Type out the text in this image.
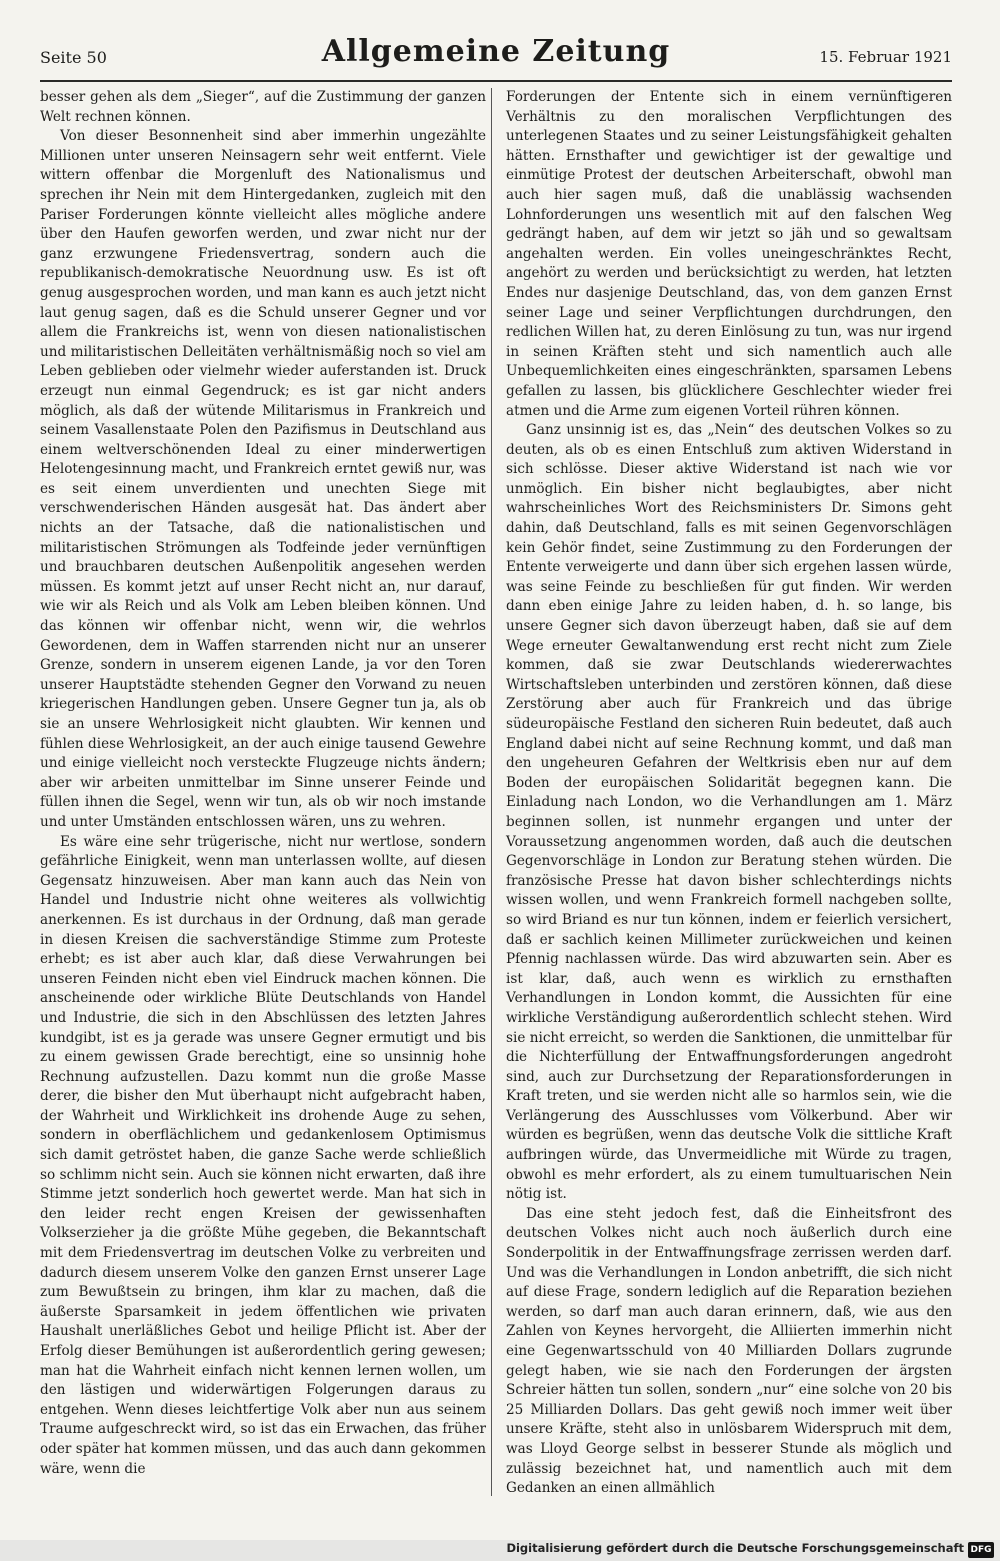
Seite 50	Allgemeine Zeitung	15. Februar 1921

besser gehen als dem „Sieger“, auf die Zustimmung der ganzen Welt rechnen können.

Von dieser Besonnenheit sind aber immerhin ungezählte Millionen unter unseren Neinsagern sehr weit entfernt. Viele wittern offenbar die Morgenluft des Nationalismus und sprechen ihr Nein mit dem Hintergedanken, zugleich mit den Pariser Forderungen könnte vielleicht alles mögliche andere über den Haufen geworfen werden, und zwar nicht nur der ganz erzwungene Friedensvertrag, sondern auch die republikanisch-demokratische Neuordnung usw. Es ist oft genug ausgesprochen worden, und man kann es auch jetzt nicht laut genug sagen, daß es die Schuld unserer Gegner und vor allem die Frankreichs ist, wenn von diesen nationalistischen und militaristischen Delleitäten verhältnismäßig noch so viel am Leben geblieben oder vielmehr wieder auferstanden ist. Druck erzeugt nun einmal Gegendruck; es ist gar nicht anders möglich, als daß der wütende Militarismus in Frankreich und seinem Vasallenstaate Polen den Pazifismus in Deutschland aus einem weltverschönenden Ideal zu einer minderwertigen Helotengesinnung macht, und Frankreich erntet gewiß nur, was es seit einem unverdienten und unechten Siege mit verschwenderischen Händen ausgesät hat. Das ändert aber nichts an der Tatsache, daß die nationalistischen und militaristischen Strömungen als Todfeinde jeder vernünftigen und brauchbaren deutschen Außenpolitik angesehen werden müssen. Es kommt jetzt auf unser Recht nicht an, nur darauf, wie wir als Reich und als Volk am Leben bleiben können. Und das können wir offenbar nicht, wenn wir, die wehrlos Gewordenen, dem in Waffen starrenden nicht nur an unserer Grenze, sondern in unserem eigenen Lande, ja vor den Toren unserer Hauptstädte stehenden Gegner den Vorwand zu neuen kriegerischen Handlungen geben. Unsere Gegner tun ja, als ob sie an unsere Wehrlosigkeit nicht glaubten. Wir kennen und fühlen diese Wehrlosigkeit, an der auch einige tausend Gewehre und einige vielleicht noch versteckte Flugzeuge nichts ändern; aber wir arbeiten unmittelbar im Sinne unserer Feinde und füllen ihnen die Segel, wenn wir tun, als ob wir noch imstande und unter Umständen entschlossen wären, uns zu wehren.

Es wäre eine sehr trügerische, nicht nur wertlose, sondern gefährliche Einigkeit, wenn man unterlassen wollte, auf diesen Gegensatz hinzuweisen. Aber man kann auch das Nein von Handel und Industrie nicht ohne weiteres als vollwichtig anerkennen. Es ist durchaus in der Ordnung, daß man gerade in diesen Kreisen die sachverständige Stimme zum Proteste erhebt; es ist aber auch klar, daß diese Verwahrungen bei unseren Feinden nicht eben viel Eindruck machen können. Die anscheinende oder wirkliche Blüte Deutschlands von Handel und Industrie, die sich in den Abschlüssen des letzten Jahres kundgibt, ist es ja gerade was unsere Gegner ermutigt und bis zu einem gewissen Grade berechtigt, eine so unsinnig hohe Rechnung aufzustellen. Dazu kommt nun die große Masse derer, die bisher den Mut überhaupt nicht aufgebracht haben, der Wahrheit und Wirklichkeit ins drohende Auge zu sehen, sondern in oberflächlichem und gedankenlosem Optimismus sich damit getröstet haben, die ganze Sache werde schließlich so schlimm nicht sein. Auch sie können nicht erwarten, daß ihre Stimme jetzt sonderlich hoch gewertet werde. Man hat sich in den leider recht engen Kreisen der gewissenhaften Volkserzieher ja die größte Mühe gegeben, die Bekanntschaft mit dem Friedensvertrag im deutschen Volke zu verbreiten und dadurch diesem unserem Volke den ganzen Ernst unserer Lage zum Bewußtsein zu bringen, ihm klar zu machen, daß die äußerste Sparsamkeit in jedem öffentlichen wie privaten Haushalt unerläßliches Gebot und heilige Pflicht ist. Aber der Erfolg dieser Bemühungen ist außerordentlich gering gewesen; man hat die Wahrheit einfach nicht kennen lernen wollen, um den lästigen und widerwärtigen Folgerungen daraus zu entgehen. Wenn dieses leichtfertige Volk aber nun aus seinem Traume aufgeschreckt wird, so ist das ein Erwachen, das früher oder später hat kommen müssen, und das auch dann gekommen wäre, wenn die

Forderungen der Entente sich in einem vernünftigeren Verhältnis zu den moralischen Verpflichtungen des unterlegenen Staates und zu seiner Leistungsfähigkeit gehalten hätten. Ernsthafter und gewichtiger ist der gewaltige und einmütige Protest der deutschen Arbeiterschaft, obwohl man auch hier sagen muß, daß die unablässig wachsenden Lohnforderungen uns wesentlich mit auf den falschen Weg gedrängt haben, auf dem wir jetzt so jäh und so gewaltsam angehalten werden. Ein volles uneingeschränktes Recht, angehört zu werden und berücksichtigt zu werden, hat letzten Endes nur dasjenige Deutschland, das, von dem ganzen Ernst seiner Lage und seiner Verpflichtungen durchdrungen, den redlichen Willen hat, zu deren Einlösung zu tun, was nur irgend in seinen Kräften steht und sich namentlich auch alle Unbequemlichkeiten eines eingeschränkten, sparsamen Lebens gefallen zu lassen, bis glücklichere Geschlechter wieder frei atmen und die Arme zum eigenen Vorteil rühren können.

Ganz unsinnig ist es, das „Nein“ des deutschen Volkes so zu deuten, als ob es einen Entschluß zum aktiven Widerstand in sich schlösse. Dieser aktive Widerstand ist nach wie vor unmöglich. Ein bisher nicht beglaubigtes, aber nicht wahrscheinliches Wort des Reichsministers Dr. Simons geht dahin, daß Deutschland, falls es mit seinen Gegenvorschlägen kein Gehör findet, seine Zustimmung zu den Forderungen der Entente verweigerte und dann über sich ergehen lassen würde, was seine Feinde zu beschließen für gut finden. Wir werden dann eben einige Jahre zu leiden haben, d. h. so lange, bis unsere Gegner sich davon überzeugt haben, daß sie auf dem Wege erneuter Gewaltanwendung erst recht nicht zum Ziele kommen, daß sie zwar Deutschlands wiedererwachtes Wirtschaftsleben unterbinden und zerstören können, daß diese Zerstörung aber auch für Frankreich und das übrige südeuropäische Festland den sicheren Ruin bedeutet, daß auch England dabei nicht auf seine Rechnung kommt, und daß man den ungeheuren Gefahren der Weltkrisis eben nur auf dem Boden der europäischen Solidarität begegnen kann. Die Einladung nach London, wo die Verhandlungen am 1. März beginnen sollen, ist nunmehr ergangen und unter der Voraussetzung angenommen worden, daß auch die deutschen Gegenvorschläge in London zur Beratung stehen würden. Die französische Presse hat davon bisher schlechterdings nichts wissen wollen, und wenn Frankreich formell nachgeben sollte, so wird Briand es nur tun können, indem er feierlich versichert, daß er sachlich keinen Millimeter zurückweichen und keinen Pfennig nachlassen würde. Das wird abzuwarten sein. Aber es ist klar, daß, auch wenn es wirklich zu ernsthaften Verhandlungen in London kommt, die Aussichten für eine wirkliche Verständigung außerordentlich schlecht stehen. Wird sie nicht erreicht, so werden die Sanktionen, die unmittelbar für die Nichterfüllung der Entwaffnungsforderungen angedroht sind, auch zur Durchsetzung der Reparationsforderungen in Kraft treten, und sie werden nicht alle so harmlos sein, wie die Verlängerung des Ausschlusses vom Völkerbund. Aber wir würden es begrüßen, wenn das deutsche Volk die sittliche Kraft aufbringen würde, das Unvermeidliche mit Würde zu tragen, obwohl es mehr erfordert, als zu einem tumultuarischen Nein nötig ist.

Das eine steht jedoch fest, daß die Einheitsfront des deutschen Volkes nicht auch noch äußerlich durch eine Sonderpolitik in der Entwaffnungsfrage zerrissen werden darf. Und was die Verhandlungen in London anbetrifft, die sich nicht auf diese Frage, sondern lediglich auf die Reparation beziehen werden, so darf man auch daran erinnern, daß, wie aus den Zahlen von Keynes hervorgeht, die Alliierten immerhin nicht eine Gegenwartsschuld von 40 Milliarden Dollars zugrunde gelegt haben, wie sie nach den Forderungen der ärgsten Schreier hätten tun sollen, sondern „nur“ eine solche von 20 bis 25 Milliarden Dollars. Das geht gewiß noch immer weit über unsere Kräfte, steht also in unlösbarem Widerspruch mit dem, was Lloyd George selbst in besserer Stunde als möglich und zulässig bezeichnet hat, und namentlich auch mit dem Gedanken an einen allmählich

Digitalisierung gefördert durch die Deutsche Forschungsgemeinschaft DFG
